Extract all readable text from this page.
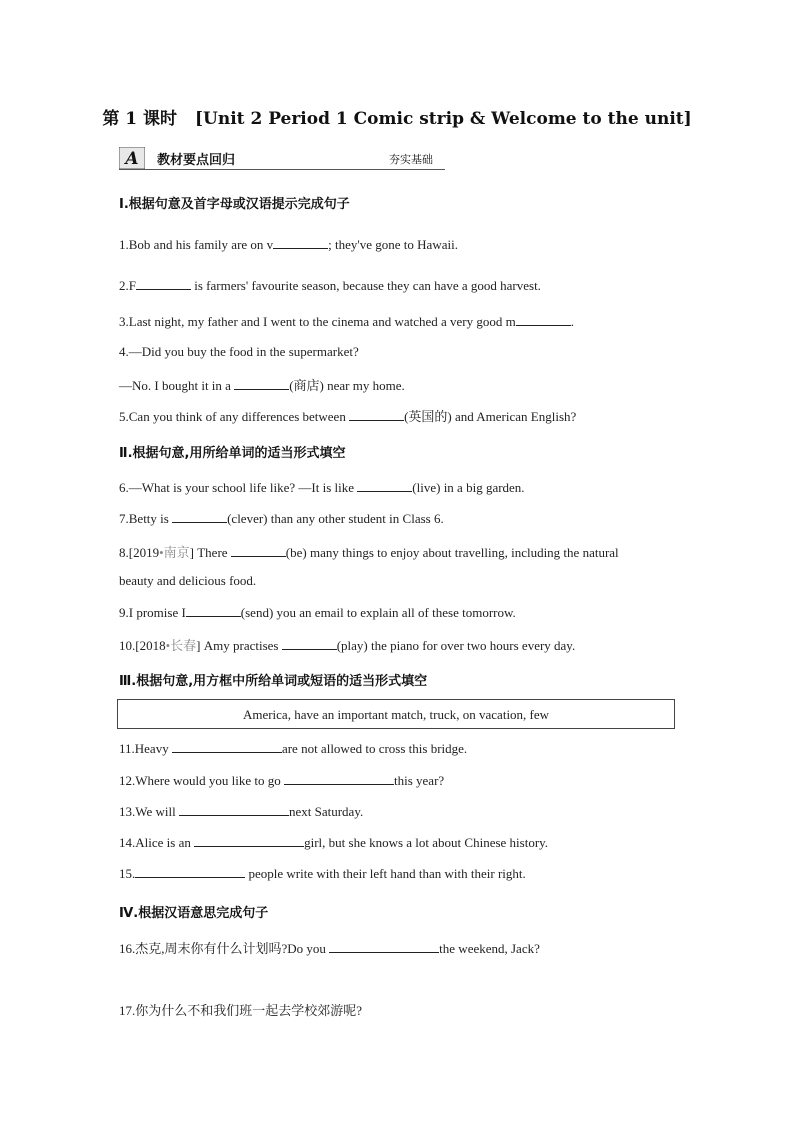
第 1 课时 [Unit 2 Period 1 Comic strip & Welcome to the unit]
A 教材要点回归	夯实基础
Ⅰ.根据句意及首字母或汉语提示完成句子
1.Bob and his family are on v	; they've gone to Hawaii.
2.F	is farmers' favourite season, because they can have a good harvest.
3.Last night, my father and I went to the cinema and watched a very good m	.
4.—Did you buy the food in the supermarket?
—No. I bought it in a	(商店) near my home.
5.Can you think of any differences between	(英国的) and American English?
Ⅱ.根据句意,用所给单词的适当形式填空
6.—What is your school life like? —It is like	(live) in a big garden.
7.Betty is	(clever) than any other student in Class 6.
8.[2019•南京] There	(be) many things to enjoy about travelling, including the natural
beauty and delicious food.
9.I promise I	(send) you an email to explain all of these tomorrow.
10.[2018•长春] Amy practises	(play) the piano for over two hours every day.
Ⅲ.根据句意,用方框中所给单词或短语的适当形式填空
America, have an important match, truck, on vacation, few
11.Heavy	are not allowed to cross this bridge.
12.Where would you like to go	this year?
13.We will	next Saturday.
14.Alice is an	girl, but she knows a lot about Chinese history.
15.	people write with their left hand than with their right.
Ⅳ.根据汉语意思完成句子
16.杰克,周末你有什么计划吗?Do you	the weekend, Jack?
17.你为什么不和我们班一起去学校郊游呢?
